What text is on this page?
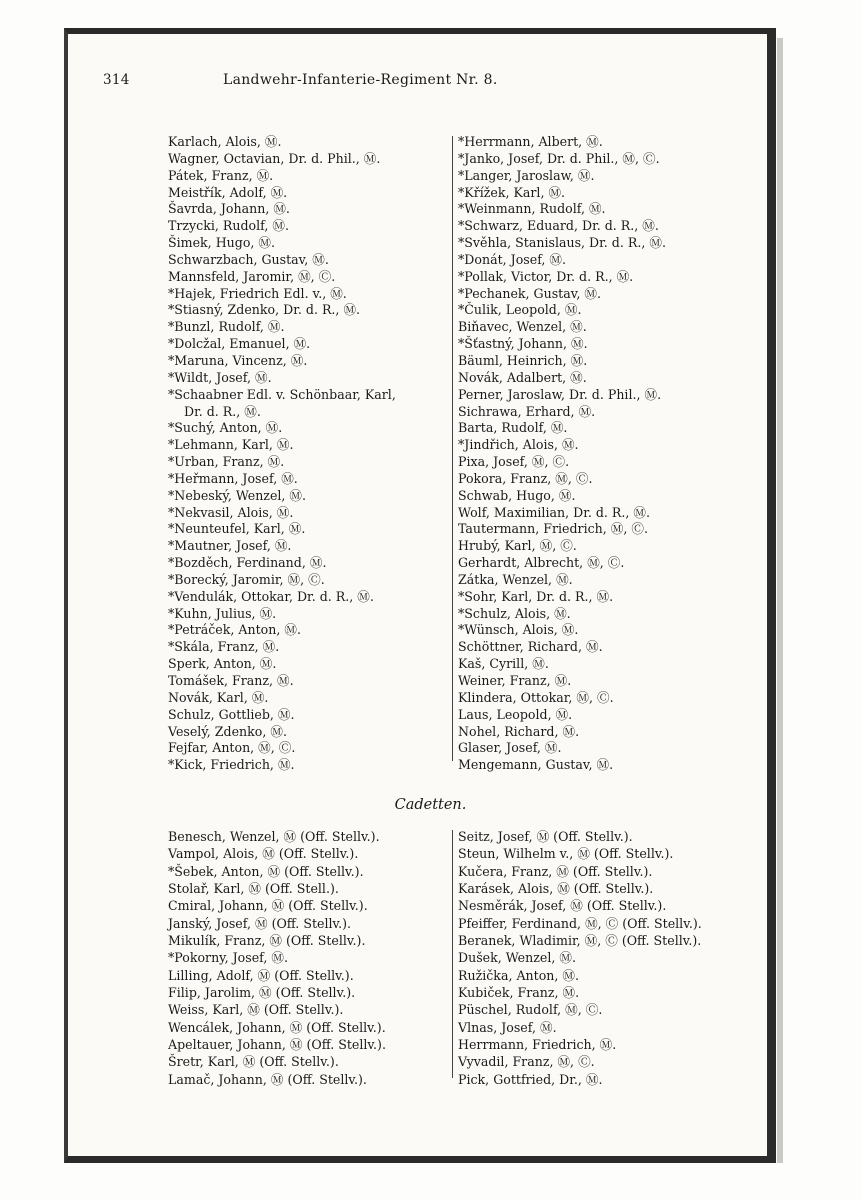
314	Landwehr-Infanterie-Regiment Nr. 8.
Karlach, Alois, Ⓜ.
Wagner, Octavian, Dr. d. Phil., Ⓜ.
Pátek, Franz, Ⓜ.
Meistřík, Adolf, Ⓜ.
Šavrda, Johann, Ⓜ.
Trzycki, Rudolf, Ⓜ.
Šimek, Hugo, Ⓜ.
Schwarzbach, Gustav, Ⓜ.
Mannsfeld, Jaromir, Ⓜ, Ⓒ.
*Hajek, Friedrich Edl. v., Ⓜ.
*Stiasný, Zdenko, Dr. d. R., Ⓜ.
*Bunzl, Rudolf, Ⓜ.
*Dolcžal, Emanuel, Ⓜ.
*Maruna, Vincenz, Ⓜ.
*Wildt, Josef, Ⓜ.
*Schaabner Edl. v. Schönbaar, Karl,
Dr. d. R., Ⓜ.
*Suchý, Anton, Ⓜ.
*Lehmann, Karl, Ⓜ.
*Urban, Franz, Ⓜ.
*Heřmann, Josef, Ⓜ.
*Nebeský, Wenzel, Ⓜ.
*Nekvasil, Alois, Ⓜ.
*Neunteufel, Karl, Ⓜ.
*Mautner, Josef, Ⓜ.
*Bozděch, Ferdinand, Ⓜ.
*Borecký, Jaromir, Ⓜ, Ⓒ.
*Vendulák, Ottokar, Dr. d. R., Ⓜ.
*Kuhn, Julius, Ⓜ.
*Petráček, Anton, Ⓜ.
*Skála, Franz, Ⓜ.
Sperk, Anton, Ⓜ.
Tomášek, Franz, Ⓜ.
Novák, Karl, Ⓜ.
Schulz, Gottlieb, Ⓜ.
Veselý, Zdenko, Ⓜ.
Fejfar, Anton, Ⓜ, Ⓒ.
*Kick, Friedrich, Ⓜ.
*Herrmann, Albert, Ⓜ.
*Janko, Josef, Dr. d. Phil., Ⓜ, Ⓒ.
*Langer, Jaroslaw, Ⓜ.
*Křížek, Karl, Ⓜ.
*Weinmann, Rudolf, Ⓜ.
*Schwarz, Eduard, Dr. d. R., Ⓜ.
*Svěhla, Stanislaus, Dr. d. R., Ⓜ.
*Donát, Josef, Ⓜ.
*Pollak, Victor, Dr. d. R., Ⓜ.
*Pechanek, Gustav, Ⓜ.
*Čulik, Leopold, Ⓜ.
Biňavec, Wenzel, Ⓜ.
*Šťastný, Johann, Ⓜ.
Bäuml, Heinrich, Ⓜ.
Novák, Adalbert, Ⓜ.
Perner, Jaroslaw, Dr. d. Phil., Ⓜ.
Sichrawa, Erhard, Ⓜ.
Barta, Rudolf, Ⓜ.
*Jindřich, Alois, Ⓜ.
Pixa, Josef, Ⓜ, Ⓒ.
Pokora, Franz, Ⓜ, Ⓒ.
Schwab, Hugo, Ⓜ.
Wolf, Maximilian, Dr. d. R., Ⓜ.
Tautermann, Friedrich, Ⓜ, Ⓒ.
Hrubý, Karl, Ⓜ, Ⓒ.
Gerhardt, Albrecht, Ⓜ, Ⓒ.
Zátka, Wenzel, Ⓜ.
*Sohr, Karl, Dr. d. R., Ⓜ.
*Schulz, Alois, Ⓜ.
*Wünsch, Alois, Ⓜ.
Schöttner, Richard, Ⓜ.
Kaš, Cyrill, Ⓜ.
Weiner, Franz, Ⓜ.
Klindera, Ottokar, Ⓜ, Ⓒ.
Laus, Leopold, Ⓜ.
Nohel, Richard, Ⓜ.
Glaser, Josef, Ⓜ.
Mengemann, Gustav, Ⓜ.
Cadetten.
Benesch, Wenzel, Ⓜ (Off. Stellv.).
Vampol, Alois, Ⓜ (Off. Stellv.).
*Šebek, Anton, Ⓜ (Off. Stellv.).
Stolař, Karl, Ⓜ (Off. Stell.).
Cmiral, Johann, Ⓜ (Off. Stellv.).
Janský, Josef, Ⓜ (Off. Stellv.).
Mikulík, Franz, Ⓜ (Off. Stellv.).
*Pokorny, Josef, Ⓜ.
Lilling, Adolf, Ⓜ (Off. Stellv.).
Filip, Jarolim, Ⓜ (Off. Stellv.).
Weiss, Karl, Ⓜ (Off. Stellv.).
Wencálek, Johann, Ⓜ (Off. Stellv.).
Apeltauer, Johann, Ⓜ (Off. Stellv.).
Šretr, Karl, Ⓜ (Off. Stellv.).
Lamač, Johann, Ⓜ (Off. Stellv.).
Seitz, Josef, Ⓜ (Off. Stellv.).
Steun, Wilhelm v., Ⓜ (Off. Stellv.).
Kučera, Franz, Ⓜ (Off. Stellv.).
Karásek, Alois, Ⓜ (Off. Stellv.).
Nesměrák, Josef, Ⓜ (Off. Stellv.).
Pfeiffer, Ferdinand, Ⓜ, Ⓒ (Off. Stellv.).
Beranek, Wladimir, Ⓜ, Ⓒ (Off. Stellv.).
Dušek, Wenzel, Ⓜ.
Ružička, Anton, Ⓜ.
Kubiček, Franz, Ⓜ.
Püschel, Rudolf, Ⓜ, Ⓒ.
Vlnas, Josef, Ⓜ.
Herrmann, Friedrich, Ⓜ.
Vyvadil, Franz, Ⓜ, Ⓒ.
Pick, Gottfried, Dr., Ⓜ.
